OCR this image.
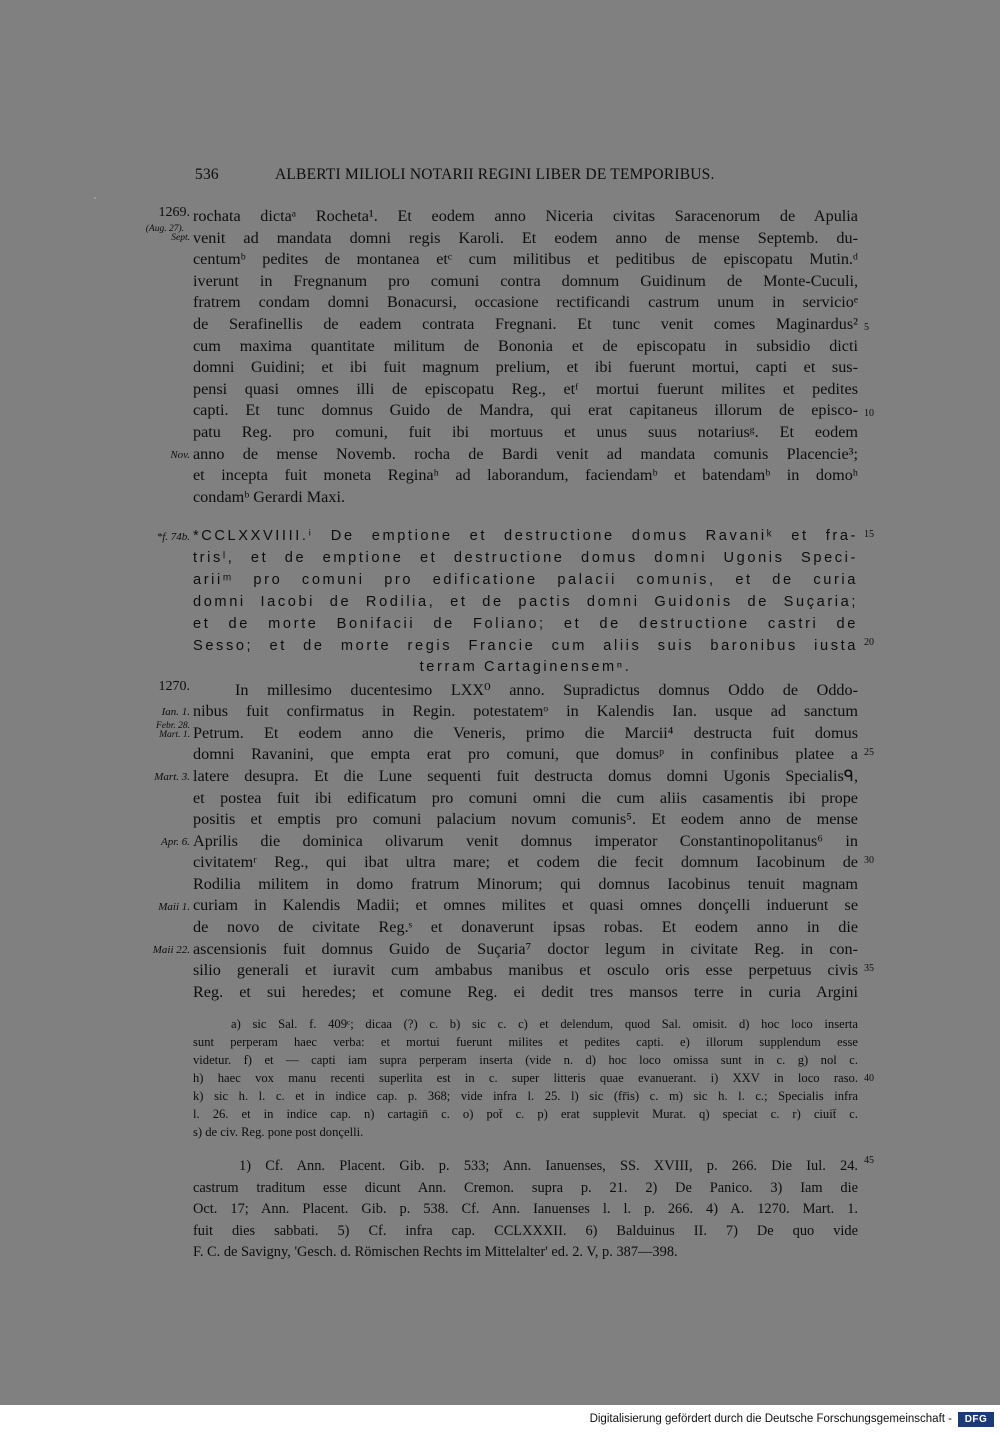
536	ALBERTI MILIOLI NOTARII REGINI LIBER DE TEMPORIBUS.
1269.
(Aug. 27).
Sept.
Nov.
*f. 74b.
1270.
Ian. 1.
Febr. 28.
Mart. 1.
Mart. 3.
Apr. 6.
Maii 1.
Maii 22.
5
10
15
20
25
30
35
40
45
rochata dictaᵃ Rocheta¹. Et eodem anno Niceria civitas Saracenorum de Apulia
venit ad mandata domni regis Karoli. Et eodem anno de mense Septemb. du-
centumᵇ pedites de montanea etᶜ cum militibus et peditibus de episcopatu Mutin.ᵈ
iverunt in Fregnanum pro comuni contra domnum Guidinum de Monte-Cuculi,
fratrem condam domni Bonacursi, occasione rectificandi castrum unum in servicioᵉ
de Serafinellis de eadem contrata Fregnani. Et tunc venit comes Maginardus²
cum maxima quantitate militum de Bononia et de episcopatu in subsidio dicti
domni Guidini; et ibi fuit magnum prelium, et ibi fuerunt mortui, capti et sus-
pensi quasi omnes illi de episcopatu Reg., etᶠ mortui fuerunt milites et pedites
capti. Et tunc domnus Guido de Mandra, qui erat capitaneus illorum de episco-
patu Reg. pro comuni, fuit ibi mortuus et unus suus notariusᵍ. Et eodem
anno de mense Novemb. rocha de Bardi venit ad mandata comunis Placencie³;
et incepta fuit moneta Reginaʰ ad laborandum, faciendamᵇ et batendamᵇ in domoʰ
condamᵇ Gerardi Maxi.
*CCLXXVIIII.ⁱ De emptione et destructione domus Ravaniᵏ et fra-
trisˡ, et de emptione et destructione domus domni Ugonis Speci-
ariiᵐ pro comuni pro edificatione palacii comunis, et de curia
domni Iacobi de Rodilia, et de pactis domni Guidonis de Suçaria;
et de morte Bonifacii de Foliano; et de destructione castri de
Sesso; et de morte regis Francie cum aliis suis baronibus iusta
terram Cartaginensemⁿ.
In millesimo ducentesimo LXX⁰ anno. Supradictus domnus Oddo de Oddo-
nibus fuit confirmatus in Regin. potestatemᵒ in Kalendis Ian. usque ad sanctum
Petrum. Et eodem anno die Veneris, primo die Marcii⁴ destructa fuit domus
domni Ravanini, que empta erat pro comuni, que domusᵖ in confinibus platee a
latere desupra. Et die Lune sequenti fuit destructa domus domni Ugonis Specialisᑫ,
et postea fuit ibi edificatum pro comuni omni die cum aliis casamentis ibi prope
positis et emptis pro comuni palacium novum comunis⁵. Et eodem anno de mense
Aprilis die dominica olivarum venit domnus imperator Constantinopolitanus⁶ in
civitatemʳ Reg., qui ibat ultra mare; et codem die fecit domnum Iacobinum de
Rodilia militem in domo fratrum Minorum; qui domnus Iacobinus tenuit magnam
curiam in Kalendis Madii; et omnes milites et quasi omnes donçelli induerunt se
de novo de civitate Reg.ˢ et donaverunt ipsas robas. Et eodem anno in die
ascensionis fuit domnus Guido de Suçaria⁷ doctor legum in civitate Reg. in con-
silio generali et iuravit cum ambabus manibus et osculo oris esse perpetuus civis
Reg. et sui heredes; et comune Reg. ei dedit tres mansos terre in curia Argini
a) sic Sal. f. 409ᶜ; dicaa (?) c. b) sic c. c) et delendum, quod Sal. omisit. d) hoc loco inserta
sunt perperam haec verba: et mortui fuerunt milites et pedites capti. e) illorum supplendum esse
videtur. f) et — capti iam supra perperam inserta (vide n. d) hoc loco omissa sunt in c. g) nol c.
h) haec vox manu recenti superlita est in c. super litteris quae evanuerant. i) XXV in loco raso.
k) sic h. l. c. et in indice cap. p. 368; vide infra l. 25. l) sic (fr̄is) c. m) sic h. l. c.; Specialis infra
l. 26. et in indice cap. n) cartagin̄ c. o) pot̄ c. p) erat supplevit Murat. q) speciat c. r) ciuit̄ c.
s) de civ. Reg. pone post donçelli.
1) Cf. Ann. Placent. Gib. p. 533; Ann. Ianuenses, SS. XVIII, p. 266. Die Iul. 24.
castrum traditum esse dicunt Ann. Cremon. supra p. 21. 2) De Panico. 3) Iam die
Oct. 17; Ann. Placent. Gib. p. 538. Cf. Ann. Ianuenses l. l. p. 266. 4) A. 1270. Mart. 1.
fuit dies sabbati. 5) Cf. infra cap. CCLXXXII. 6) Balduinus II. 7) De quo vide
F. C. de Savigny, 'Gesch. d. Römischen Rechts im Mittelalter' ed. 2. V, p. 387—398.
Digitalisierung gefördert durch die Deutsche Forschungsgemeinschaft -	DFG
